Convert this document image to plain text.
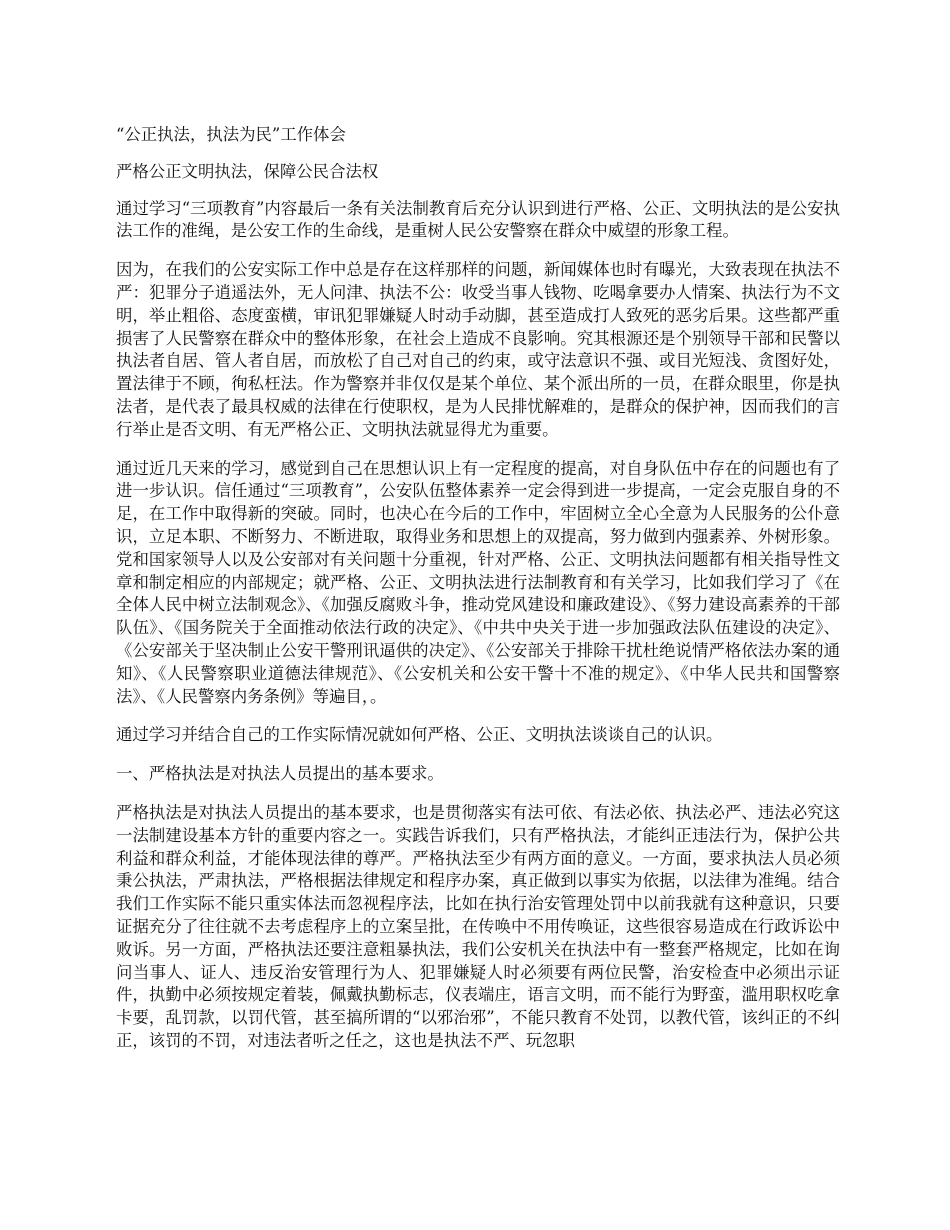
“公正执法，执法为民”工作体会

严格公正文明执法，保障公民合法权

通过学习“三项教育”内容最后一条有关法制教育后充分认识到进行严格、公正、文明执法的是公安执法工作的准绳，是公安工作的生命线，是重树人民公安警察在群众中威望的形象工程。

因为，在我们的公安实际工作中总是存在这样那样的问题，新闻媒体也时有曝光，大致表现在执法不严：犯罪分子逍遥法外，无人问津、执法不公：收受当事人钱物、吃喝拿要办人情案、执法行为不文明，举止粗俗、态度蛮横，审讯犯罪嫌疑人时动手动脚，甚至造成打人致死的恶劣后果。这些都严重损害了人民警察在群众中的整体形象，在社会上造成不良影响。究其根源还是个别领导干部和民警以执法者自居、管人者自居，而放松了自己对自己的约束，或守法意识不强、或目光短浅、贪图好处，置法律于不顾，徇私枉法。作为警察并非仅仅是某个单位、某个派出所的一员，在群众眼里，你是执法者，是代表了最具权威的法律在行使职权，是为人民排忧解难的，是群众的保护神，因而我们的言行举止是否文明、有无严格公正、文明执法就显得尤为重要。

通过近几天来的学习，感觉到自己在思想认识上有一定程度的提高，对自身队伍中存在的问题也有了进一步认识。信任通过“三项教育”，公安队伍整体素养一定会得到进一步提高，一定会克服自身的不足，在工作中取得新的突破。同时，也决心在今后的工作中，牢固树立全心全意为人民服务的公仆意识，立足本职、不断努力、不断进取，取得业务和思想上的双提高，努力做到内强素养、外树形象。党和国家领导人以及公安部对有关问题十分重视，针对严格、公正、文明执法问题都有相关指导性文章和制定相应的内部规定；就严格、公正、文明执法进行法制教育和有关学习，比如我们学习了《在全体人民中树立法制观念》、《加强反腐败斗争，推动党风建设和廉政建设》、《努力建设高素养的干部队伍》、《国务院关于全面推动依法行政的决定》、《中共中央关于进一步加强政法队伍建设的决定》、《公安部关于坚决制止公安干警刑讯逼供的决定》、《公安部关于排除干扰杜绝说情严格依法办案的通知》、《人民警察职业道德法律规范》、《公安机关和公安干警十不准的规定》、《中华人民共和国警察法》、《人民警察内务条例》等遍目，。

通过学习并结合自己的工作实际情况就如何严格、公正、文明执法谈谈自己的认识。

一、严格执法是对执法人员提出的基本要求。

严格执法是对执法人员提出的基本要求，也是贯彻落实有法可依、有法必依、执法必严、违法必究这一法制建设基本方针的重要内容之一。实践告诉我们，只有严格执法，才能纠正违法行为，保护公共利益和群众利益，才能体现法律的尊严。严格执法至少有两方面的意义。一方面，要求执法人员必须秉公执法，严肃执法，严格根据法律规定和程序办案，真正做到以事实为依据，以法律为准绳。结合我们工作实际不能只重实体法而忽视程序法，比如在执行治安管理处罚中以前我就有这种意识，只要证据充分了往往就不去考虑程序上的立案呈批，在传唤中不用传唤证，这些很容易造成在行政诉讼中败诉。另一方面，严格执法还要注意粗暴执法，我们公安机关在执法中有一整套严格规定，比如在询问当事人、证人、违反治安管理行为人、犯罪嫌疑人时必须要有两位民警，治安检查中必须出示证件，执勤中必须按规定着装，佩戴执勤标志，仪表端庄，语言文明，而不能行为野蛮，滥用职权吃拿卡要，乱罚款，以罚代管，甚至搞所谓的“以邪治邪”，不能只教育不处罚，以教代管，该纠正的不纠正，该罚的不罚，对违法者听之任之，这也是执法不严、玩忽职
